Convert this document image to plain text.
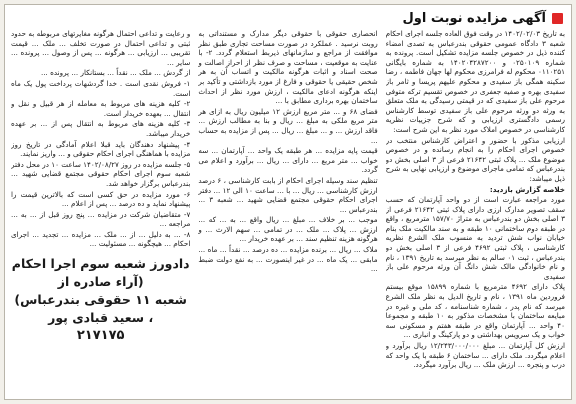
آگهی مزایده نوبت اول

به تاریخ ۱۴۰۲/۰۲/۰۳ در وقت فوق العاده جلسه اجرای احکام شعبه ۳ دادگاه عمومی حقوقی بندرعباس به تصدی امضاء کننده ذیل در خصوص جلسه مزایده تشکیل است. پرونده به شماره ۰۲۵۰۱۰۹ و ۱۴۰۲۰۴۲۸۷۲۰۰ به شماره بایگانی ۰۱۱۰۲۵۱ محکوم له فرامرزی محکوم لها جهان فاطمه ، رضا سکینه همگی باز سفیدی و محکوم علیهم پریسا و ثامر باز سفیدی بهره و صفیه جعفری در خصوص تقسیم ترکه متوفی مرحوم علی باز سفیدی که در قیمتی رسیدگی به ملک متعلق به ورثه دو ورثه مرحوم علی باز سفیدی توسط کارشناس رسمی دادگستری ارزیابی و که شرح جزییات نظریه کارشناسی در خصوص املاک مورد نظر به این شرح است:

ارزیابی مذکور با حضور و اعتراض کارشناس منتخب در خصوص اجرای احکام را به انجام رسانده و در خصوص موضوع ملک ... پلاک ثبتی ۲۱۶۴۲ فرعی از ۳ اصلی بخش دو بندرعباس که تمامی ماجرای موضوع و ارزیابی نهایی به شرح ذیل میباشد:

خلاصه گزارش بازدید:

مورد مراجعه عبارت است از دو واحد آپارتمان که حسب سقف تصویر مدارک ارزی دارای پلاک ثبتی ۲۱۶۴۲ فرعی از ۳ اصلی بخش دو بندرعباس به متراژ ۱۵۷/۷۰ مترمربع ، واقع در طبقه دوم ساختمانی ۱۰ طبقه و به سند مالکیت ملک بنام خیابان نواب شش تردید به منسوب ملک الشرع نظریه کارشناسی ، پلاک ثبتی ۴۶۹۲ فرعی از ۳ اصلی بخش دو بندرعباس ، ثبت ۰۱ سالم به نظر میرسد به تاریخ ۱۳۹۱ ، نام و نام خانوادگی مالک شش دانگ آن ورثه مرحوم علی باز سفیدی

پلاک دارای ۴۶۹۲ مترمربع با شماره ۱۵۸۹۹ موقع بیستم فروردین ماه ۱۳۹۱ ، نام و تاریخ الدیل به نظر ملک الشرع میرسد که نام پدر ، شماره شناسنامه ، کد ملی و غیره در مبایعه ساختمان با مشخصات مذکور به ۱۰ طبقه و مجموعا ۴۰ واحد ... آپارتمان واقع در طبقه هفتم و مسکونی سه خواب و یک سرویس بهداشتی و دو پارکینگ و انباری ...

ارزش کل آپارتمان ... مبلغ ۱۲/۲۴۳/۰۰۰/۰۰۰ ریال برآورد و اعلام میگردد. ملک دارای ... ساختمان ۶ طبقه با یک واحد که درب و پنجره ... ارزش ملک ... ریال برآورد میگردد.

انحصاری حقوقی با حقوقی دیگر مدارک و مستنداتی به روبت نرسید . عملکرد در صورت مساحت تجاری طبق نظر موافقت از مراجع و سازمانهای ذیربط استعلام گردد. ۲- با عنایت به موقعیت ، مساحت و صرف نظر از احراز اصالت و صحت اسناد و اثبات هرگونه مالکیت و اتساب آن به هر شخص حقیقی یا حقوقی و فارغ از مورد بازداشتی و تأکید بر اینکه هرگونه ادعای مالکیت ، ارزش مورد نظر از احداث ساختمان بهره برداری مطابق با ...

فضای ۶۸ و ... متر مربع ارزش ۱۲ میلیون ریال به ازای هر متر مربع ملکی به مبلغ ... ریال و بنا به مطالب ارزش ... فاقد ارزش ... و ... مبلغ ... ریال ... پس از مزایده به حساب ...

قیمت پایه مزایده ... هر طبقه یک واحد ... آپارتمان ... سه خواب ... متر مربع ... دارای ... ریال ... برآورد و اعلام می گردد.

تنظیم سند وسیله اجرای احکام از بابت کارشناسی ، ۶ درصد ارزش کارشناسی ... ریال ... با ... ساعت ۱۰ الی ۱۲ ... دفتر اجرای احکام حقوقی مجتمع قضایی شهید ... شعبه ۳ ... بندرعباس ...

موجب ... بر خلاف ... مبلغ ... ریال واقع ... به ... که ... ارزش ... پلاک ... ملک ... در تمامی ... سهم الارث ... و هرگونه هزینه تنظیم سند ... بر عهده خریدار ...

ملاک ... ریال ... برنده مزایده ... ده درصد ... نقداً ... ماه ... مابقی ... یک ماه ... در غیر اینصورت ... به نفع دولت ضبط ...

و رعایت و تداعی احتمال هرگونه مغایرتهای مربوطه به حدود ثبتی و تداعی احتمال در صورت تخلف ... ملک ... قیمت تقریبی ... ارزیابی ... هرگونه ... پس از وصول ... پرونده ... سایر ...

از گردش ... ملک ... نقداً ... بستانکار ... پرونده ...

۱- فروش نقدی است . خدا گردشهات پرداخت پول یک ماه است.

۲- کلیه هزینه های مربوط به معامله از هر قبیل و نقل و انتقال ... بعهده خریدار است.

۳- کلیه هزینه های مربوط به انتقال پس از ... بر عهده خریدار میباشد.

۴- پیشنهاد دهندگان باید قبلا اعلام آمادگی در تاریخ روز مزایده با هماهنگی اجرای احکام حقوقی و ... واریز نمایند.

۵- جلسه مزایده در روز ۱۴۰۲/۰۸/۲۷ ساعت ۱۰ در محل دفتر شعبه سوم اجرای احکام حقوقی مجتمع قضایی شهید ... بندرعباس برگزار خواهد شد.

۶- مورد مزایده در حق کسی است که بالاترین قیمت را پیشنهاد نماید و ده درصد ... پس از اعلام ...

۷- متقاضیان شرکت در مزایده ... پنج روز قبل از ... به ... مراجعه ...

۸- ... به دلیل ... از ... ملک ... مزایده ... تجدید ... اجرای احکام ... هیچگونه ... مسئولیت ...

دادورز شعبه سوم اجرا احکام (آراء صادره از
شعبه ۱۱ حقوقی بندرعباس) ، سعید قبادی پور
۲۱۷۱۷۵
